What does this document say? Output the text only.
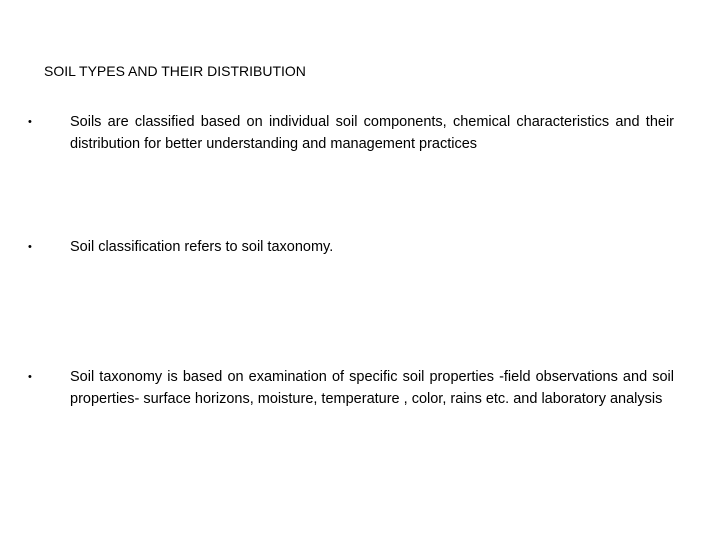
SOIL TYPES AND THEIR DISTRIBUTION
•	Soils are classified based on individual soil components, chemical characteristics and their distribution for better understanding and management practices
•	Soil classification refers to soil taxonomy.
•	Soil taxonomy is based on examination of specific soil properties -field observations and soil properties- surface horizons, moisture, temperature , color, rains etc. and laboratory analysis
